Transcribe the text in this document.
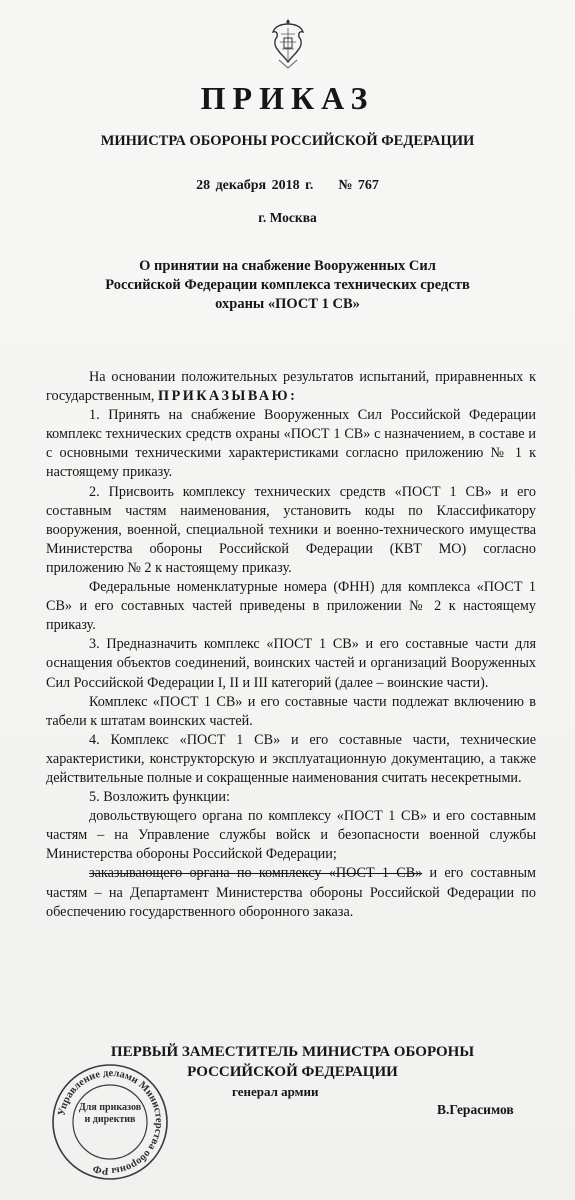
ПРИКАЗ
МИНИСТРА ОБОРОНЫ РОССИЙСКОЙ ФЕДЕРАЦИИ
28 декабря 2018 г. № 767
г. Москва
О принятии на снабжение Вооруженных Сил
Российской Федерации комплекса технических средств
охраны «ПОСТ 1 СВ»

На основании положительных результатов испытаний, приравненных к государственным, ПРИКАЗЫВАЮ:

1. Принять на снабжение Вооруженных Сил Российской Федерации комплекс технических средств охраны «ПОСТ 1 СВ» с назначением, в составе и с основными техническими характеристиками согласно приложению № 1 к настоящему приказу.

2. Присвоить комплексу технических средств «ПОСТ 1 СВ» и его составным частям наименования, установить коды по Классификатору вооружения, военной, специальной техники и военно-технического имущества Министерства обороны Российской Федерации (КВТ МО) согласно приложению № 2 к настоящему приказу.

Федеральные номенклатурные номера (ФНН) для комплекса «ПОСТ 1 СВ» и его составных частей приведены в приложении № 2 к настоящему приказу.

3. Предназначить комплекс «ПОСТ 1 СВ» и его составные части для оснащения объектов соединений, воинских частей и организаций Вооруженных Сил Российской Федерации I, II и III категорий (далее – воинские части).

Комплекс «ПОСТ 1 СВ» и его составные части подлежат включению в табели к штатам воинских частей.

4. Комплекс «ПОСТ 1 СВ» и его составные части, технические характеристики, конструкторскую и эксплуатационную документацию, а также действительные полные и сокращенные наименования считать несекретными.

5. Возложить функции:

довольствующего органа по комплексу «ПОСТ 1 СВ» и его составным частям – на Управление службы войск и безопасности военной службы Министерства обороны Российской Федерации;

заказывающего органа по комплексу «ПОСТ 1 СВ» и его составным частям – на Департамент Министерства обороны Российской Федерации по обеспечению государственного оборонного заказа.

ПЕРВЫЙ ЗАМЕСТИТЕЛЬ МИНИСТРА ОБОРОНЫ
РОССИЙСКОЙ ФЕДЕРАЦИИ
генерал армии
В.Герасимов
Управление делами Министерства обороны РФ
Для приказов и директив
